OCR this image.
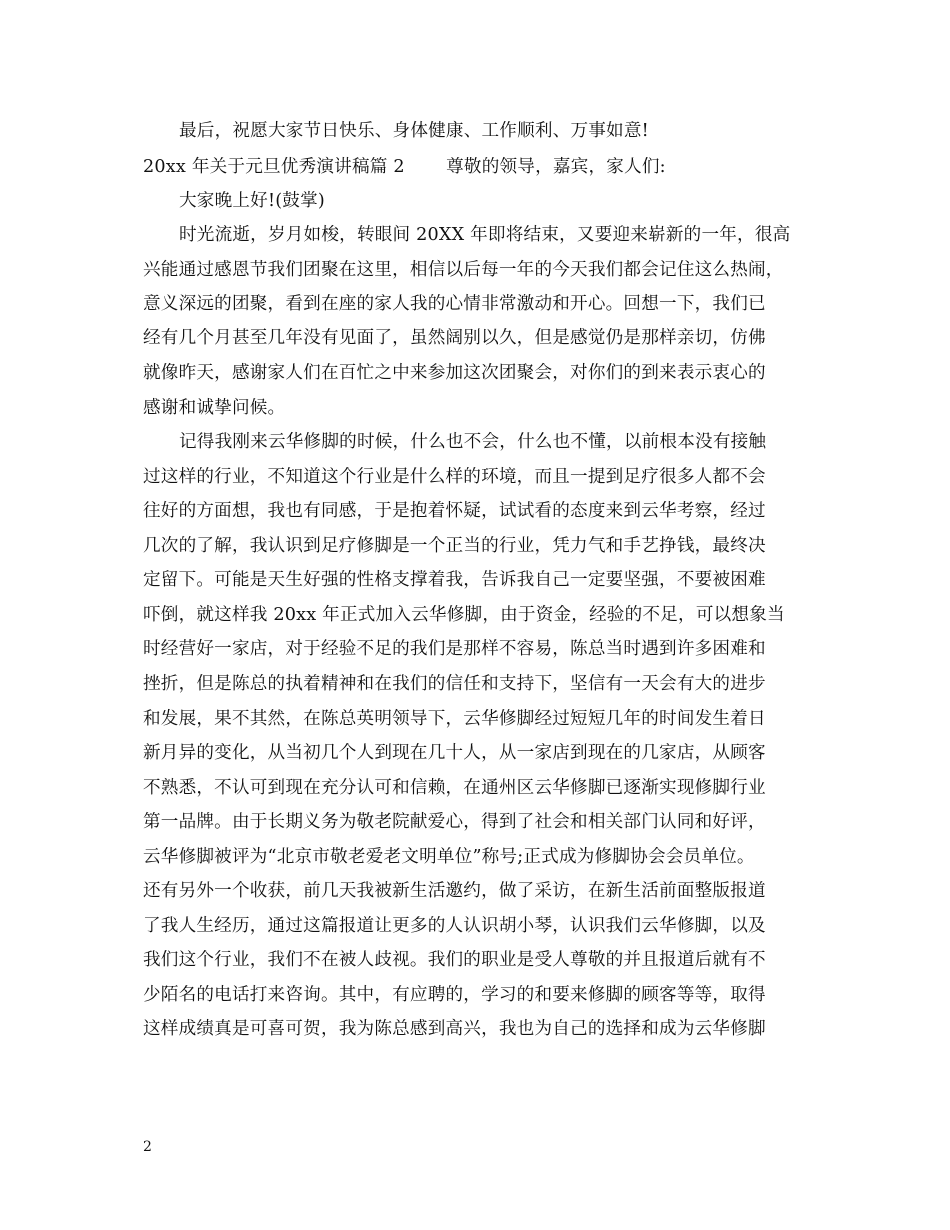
最后，祝愿大家节日快乐、身体健康、工作顺利、万事如意!
20xx 年关于元旦优秀演讲稿篇 2　　 尊敬的领导，嘉宾，家人们:
大家晚上好!(鼓掌)
时光流逝，岁月如梭，转眼间 20XX 年即将结束，又要迎来崭新的一年，很高
兴能通过感恩节我们团聚在这里，相信以后每一年的今天我们都会记住这么热闹，
意义深远的团聚，看到在座的家人我的心情非常激动和开心。回想一下，我们已
经有几个月甚至几年没有见面了，虽然阔别以久，但是感觉仍是那样亲切，仿佛
就像昨天，感谢家人们在百忙之中来参加这次团聚会，对你们的到来表示衷心的
感谢和诚挚问候。
记得我刚来云华修脚的时候，什么也不会，什么也不懂，以前根本没有接触
过这样的行业，不知道这个行业是什么样的环境，而且一提到足疗很多人都不会
往好的方面想，我也有同感，于是抱着怀疑，试试看的态度来到云华考察，经过
几次的了解，我认识到足疗修脚是一个正当的行业，凭力气和手艺挣钱，最终决
定留下。可能是天生好强的性格支撑着我，告诉我自己一定要坚强，不要被困难
吓倒，就这样我 20xx 年正式加入云华修脚，由于资金，经验的不足，可以想象当
时经营好一家店，对于经验不足的我们是那样不容易，陈总当时遇到许多困难和
挫折，但是陈总的执着精神和在我们的信任和支持下，坚信有一天会有大的进步
和发展，果不其然，在陈总英明领导下，云华修脚经过短短几年的时间发生着日
新月异的变化，从当初几个人到现在几十人，从一家店到现在的几家店，从顾客
不熟悉，不认可到现在充分认可和信赖，在通州区云华修脚已逐渐实现修脚行业
第一品牌。由于长期义务为敬老院献爱心，得到了社会和相关部门认同和好评，
云华修脚被评为“北京市敬老爱老文明单位”称号;正式成为修脚协会会员单位。
还有另外一个收获，前几天我被新生活邀约，做了采访，在新生活前面整版报道
了我人生经历，通过这篇报道让更多的人认识胡小琴，认识我们云华修脚，以及
我们这个行业，我们不在被人歧视。我们的职业是受人尊敬的并且报道后就有不
少陌名的电话打来咨询。其中，有应聘的，学习的和要来修脚的顾客等等，取得
这样成绩真是可喜可贺，我为陈总感到高兴，我也为自己的选择和成为云华修脚
2
